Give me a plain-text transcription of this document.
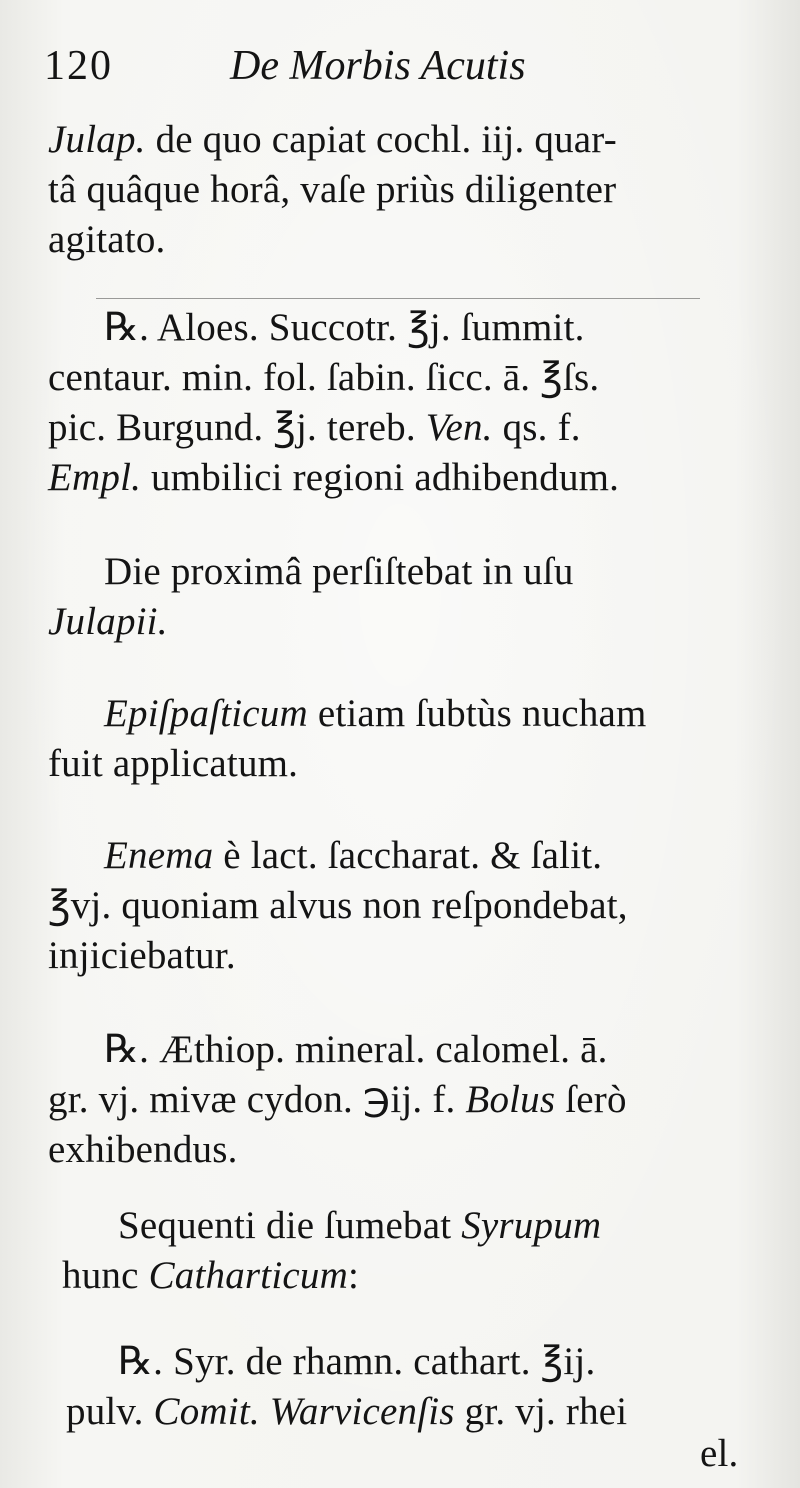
120	De Morbis Acutis
Julap. de quo capiat cochl. iij. quar-
tâ quâque horâ, vaſe priùs diligenter
agitato.
℞. Aloes. Succotr. ℥j. ſummit.
centaur. min. fol. ſabin. ſicc. ā. ℥ſs.
pic. Burgund. ℥j. tereb. Ven. qs. f.
Empl. umbilici regioni adhibendum.
Die proximâ perſiſtebat in uſu
Julapii.
Epiſpaſticum etiam ſubtùs nucham
fuit applicatum.
Enema è lact. ſaccharat. & ſalit.
℥vj. quoniam alvus non reſpondebat,
injiciebatur.
℞. Æthiop. mineral. calomel. ā.
gr. vj. mivæ cydon. ℈ij. f. Bolus ſerò
exhibendus.
Sequenti die ſumebat Syrupum
hunc Catharticum:
℞. Syr. de rhamn. cathart. ℥ij.
pulv. Comit. Warvicenſis gr. vj. rhei
el.
